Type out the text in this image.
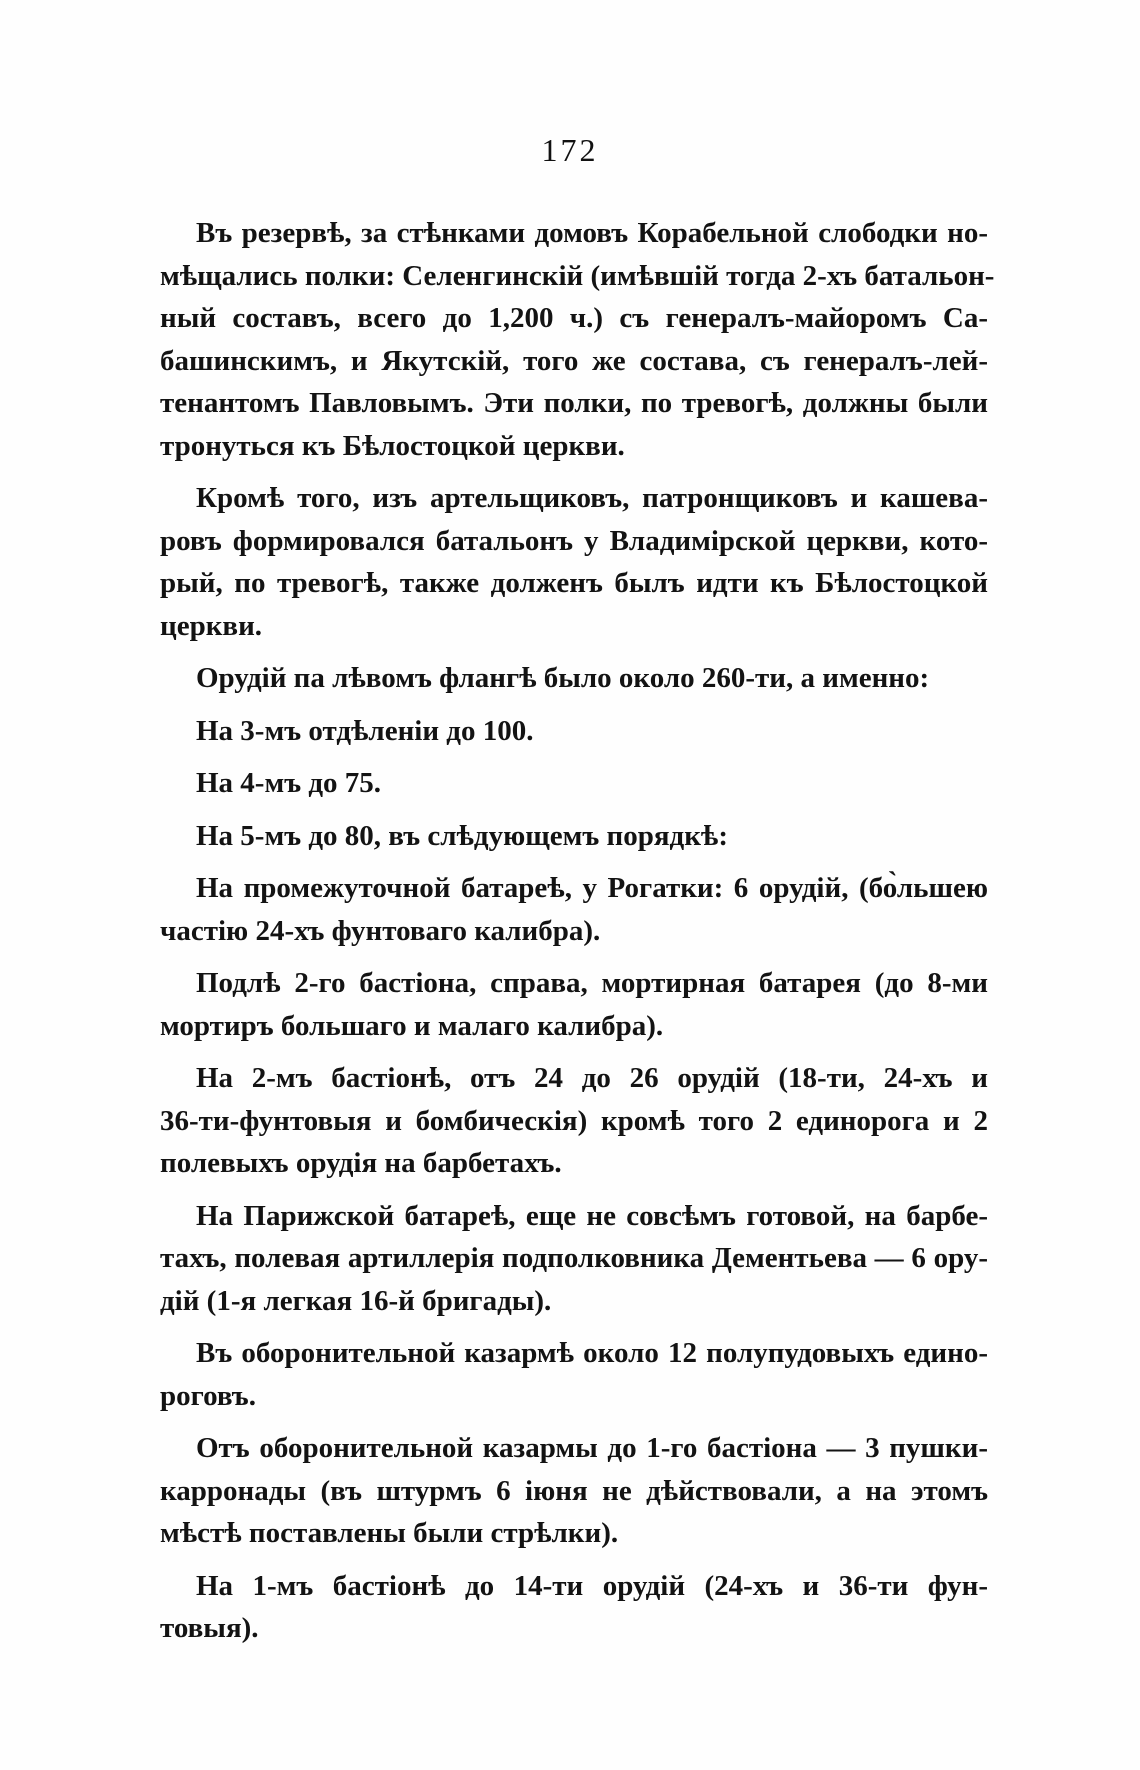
172
Въ резервѣ, за стѣнками домовъ Корабельной слободки но-
мѣщались полки: Селенгинскій (имѣвшій тогда 2-хъ батальон-
ный составъ, всего до 1,200 ч.) съ генералъ-майоромъ Са-
башинскимъ, и Якутскій, того же состава, съ генералъ-лей-
тенантомъ Павловымъ. Эти полки, по тревогѣ, должны были
тронуться къ Бѣлостоцкой церкви.
Кромѣ того, изъ артельщиковъ, патронщиковъ и кашева-
ровъ формировался батальонъ у Владимірской церкви, кото-
рый, по тревогѣ, также долженъ былъ идти къ Бѣлостоцкой
церкви.
Орудій па лѣвомъ флангѣ было около 260-ти, а именно:
На 3-мъ отдѣленіи до 100.
На 4-мъ до 75.
На 5-мъ до 80, въ слѣдующемъ порядкѣ:
На промежуточной батареѣ, у Рогатки: 6 орудій, (бо̀льшею
частію 24-хъ фунтоваго калибра).
Подлѣ 2-го бастіона, справа, мортирная батарея (до 8-ми
мортиръ большаго и малаго калибра).
На 2-мъ бастіонѣ, отъ 24 до 26 орудій (18-ти, 24-хъ и
36-ти-фунтовыя и бомбическія) кромѣ того 2 единорога и 2
полевыхъ орудія на барбетахъ.
На Парижской батареѣ, еще не совсѣмъ готовой, на барбе-
тахъ, полевая артиллерія подполковника Дементьева — 6 ору-
дій (1-я легкая 16-й бригады).
Въ оборонительной казармѣ около 12 полупудовыхъ едино-
роговъ.
Отъ оборонительной казармы до 1-го бастіона — 3 пушки-
карронады (въ штурмъ 6 іюня не дѣйствовали, а на этомъ
мѣстѣ поставлены были стрѣлки).
На 1-мъ бастіонѣ до 14-ти орудій (24-хъ и 36-ти фун-
товыя).
